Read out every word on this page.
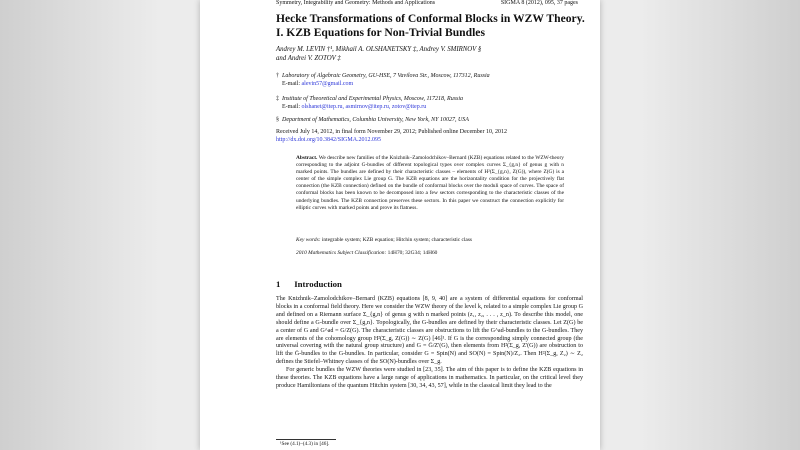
Symmetry, Integrability and Geometry: Methods and Applications	SIGMA 8 (2012), 095, 37 pages
Hecke Transformations of Conformal Blocks in WZW Theory. I. KZB Equations for Non-Trivial Bundles
Andrey M. LEVIN †¹, Mikhail A. OLSHANETSKY ‡, Andrey V. SMIRNOV §
and Andrei V. ZOTOV ‡
† Laboratory of Algebraic Geometry, GU-HSE, 7 Vavilova Str., Moscow, 117312, Russia
E-mail: alevin57@gmail.com
‡ Institute of Theoretical and Experimental Physics, Moscow, 117218, Russia
E-mail: olshanet@itep.ru, asmirnov@itep.ru, zotov@itep.ru
§ Department of Mathematics, Columbia University, New York, NY 10027, USA
Received July 14, 2012, in final form November 29, 2012; Published online December 10, 2012
http://dx.doi.org/10.3842/SIGMA.2012.095
Abstract. We describe new families of the Knizhnik–Zamolodchikov–Bernard (KZB) equations related to the WZW-theory corresponding to the adjoint G-bundles of different topological types over complex curves Σ_{g,n} of genus g with n marked points. The bundles are defined by their characteristic classes – elements of H²(Σ_{g,n}, Z(G)), where Z(G) is a center of the simple complex Lie group G. The KZB equations are the horizontality condition for the projectively flat connection (the KZB connection) defined on the bundle of conformal blocks over the moduli space of curves. The space of conformal blocks has been known to be decomposed into a few sectors corresponding to the characteristic classes of the underlying bundles. The KZB connection preserves these sectors. In this paper we construct the connection explicitly for elliptic curves with marked points and prove its flatness.
Key words: integrable system; KZB equation; Hitchin system; characteristic class
2010 Mathematics Subject Classification: 14H70; 32G34; 14H60
1 Introduction

The Knizhnik–Zamolodchikov–Bernard (KZB) equations [8, 9, 40] are a system of differential equations for conformal blocks in a conformal field theory. Here we consider the WZW theory of the level k, related to a simple complex Lie group G and defined on a Riemann surface Σ_{g,n} of genus g with n marked points (z₁, z₂, . . . , z_n). To describe this model, one should define a G-bundle over Σ_{g,n}. Topologically, the G-bundles are defined by their characteristic classes. Let Z(G) be a center of G and G^ad = G/Z(G). The characteristic classes are obstructions to lift the G^ad-bundles to the G-bundles. They are elements of the cohomology group H²(Σ_g, Z(G)) ∼ Z(G) [46]¹. If G is the corresponding simply connected group (the universal covering with the natural group structure) and G = Ḡ/Z'(G), then elements from H²(Σ_g, Z'(G)) are obstruction to lift the Ḡ-bundles to the G-bundles. In particular, consider G = Spin(N) and SO(N) = Spin(N)/Z₂. Then H²(Σ_g, Z₂) ∼ Z₂ defines the Stiefel–Whitney classes of the SO(N)-bundles over Σ_g.

For generic bundles the WZW theories were studied in [23, 35]. The aim of this paper is to define the KZB equations in these theories. The KZB equations have a large range of applications in mathematics. In particular, on the critical level they produce Hamiltonians of the quantum Hitchin system [30, 34, 43, 57], while in the classical limit they lead to the

¹See (4.1)–(4.3) in [46].
